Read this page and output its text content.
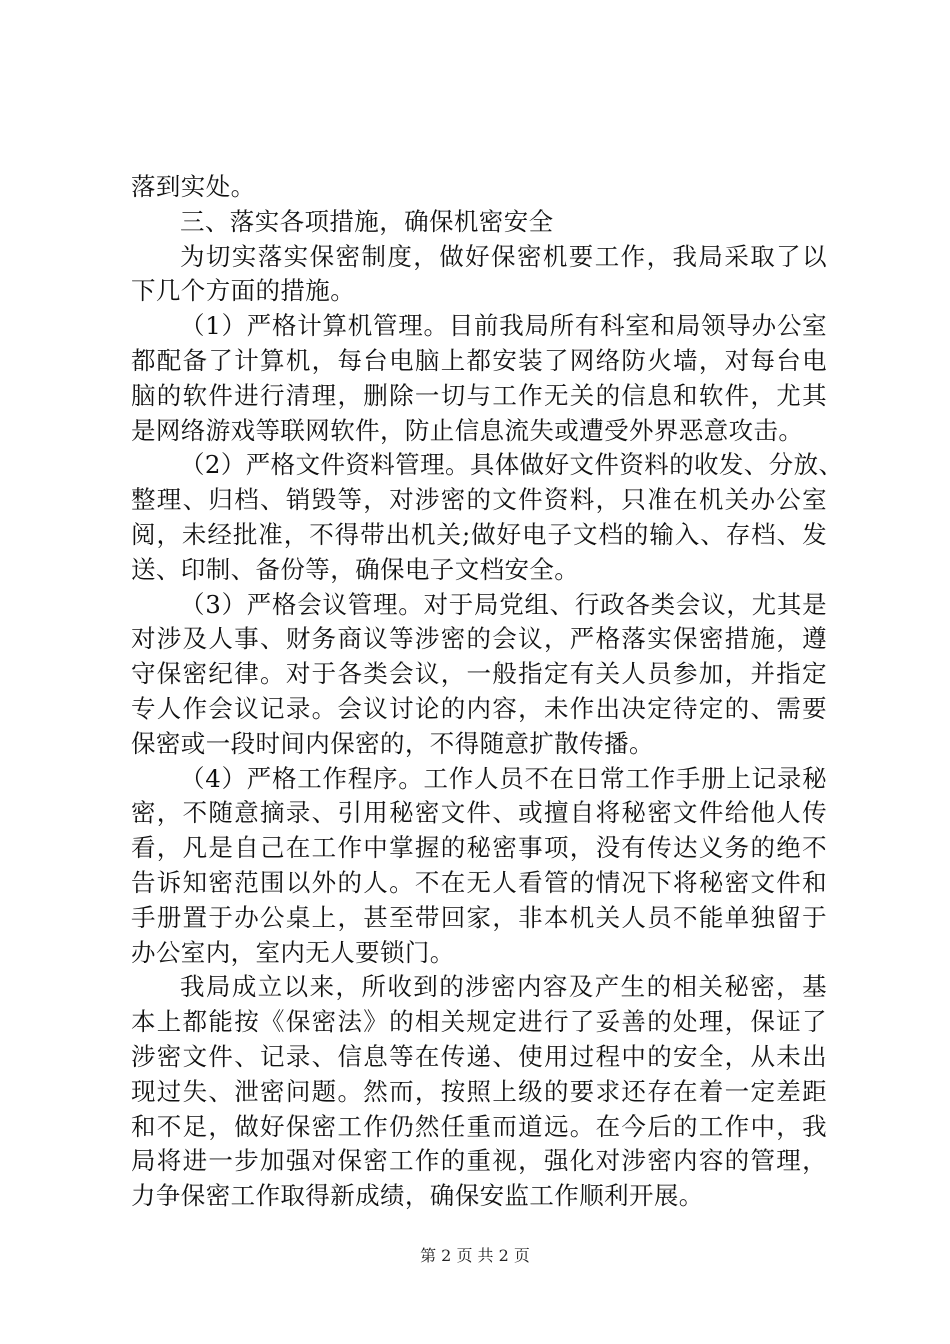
落到实处。
三、落实各项措施，确保机密安全
为切实落实保密制度，做好保密机要工作，我局采取了以
下几个方面的措施。
（1）严格计算机管理。目前我局所有科室和局领导办公室
都配备了计算机，每台电脑上都安装了网络防火墙，对每台电
脑的软件进行清理，删除一切与工作无关的信息和软件，尤其
是网络游戏等联网软件，防止信息流失或遭受外界恶意攻击。
（2）严格文件资料管理。具体做好文件资料的收发、分放、
整理、归档、销毁等，对涉密的文件资料，只准在机关办公室
阅，未经批准，不得带出机关;做好电子文档的输入、存档、发
送、印制、备份等，确保电子文档安全。
（3）严格会议管理。对于局党组、行政各类会议，尤其是
对涉及人事、财务商议等涉密的会议，严格落实保密措施，遵
守保密纪律。对于各类会议，一般指定有关人员参加，并指定
专人作会议记录。会议讨论的内容，未作出决定待定的、需要
保密或一段时间内保密的，不得随意扩散传播。
（4）严格工作程序。工作人员不在日常工作手册上记录秘
密，不随意摘录、引用秘密文件、或擅自将秘密文件给他人传
看，凡是自己在工作中掌握的秘密事项，没有传达义务的绝不
告诉知密范围以外的人。不在无人看管的情况下将秘密文件和
手册置于办公桌上，甚至带回家，非本机关人员不能单独留于
办公室内，室内无人要锁门。
我局成立以来，所收到的涉密内容及产生的相关秘密，基
本上都能按《保密法》的相关规定进行了妥善的处理，保证了
涉密文件、记录、信息等在传递、使用过程中的安全，从未出
现过失、泄密问题。然而，按照上级的要求还存在着一定差距
和不足，做好保密工作仍然任重而道远。在今后的工作中，我
局将进一步加强对保密工作的重视，强化对涉密内容的管理，
力争保密工作取得新成绩，确保安监工作顺利开展。
第 2 页 共 2 页
